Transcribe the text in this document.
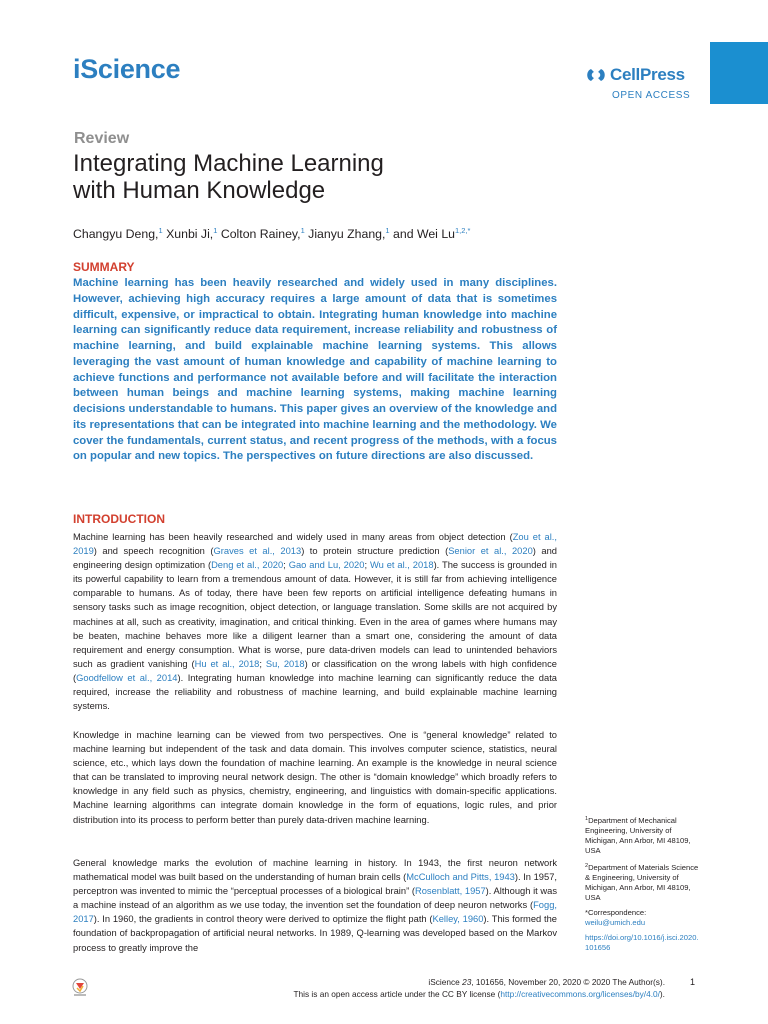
iScience	CellPress
OPEN ACCESS
Review
Integrating Machine Learning
with Human Knowledge
Changyu Deng,$^1$ Xunbi Ji,$^1$ Colton Rainey,$^1$ Jianyu Zhang,$^1$ and Wei $Lu^{1,2,*}$
SUMMARY

Machine learning has been heavily researched and widely used in many disciplines. However, achieving high accuracy requires a large amount of data that is sometimes difficult, expensive, or impractical to obtain. Integrating human knowledge into machine learning can significantly reduce data requirement, increase reliability and robustness of machine learning, and build explainable machine learning systems. This allows leveraging the vast amount of human knowledge and capability of machine learning to achieve functions and performance not available before and will facilitate the interaction between human beings and machine learning systems, making machine learning decisions understandable to humans. This paper gives an overview of the knowledge and its representations that can be integrated into machine learning and the methodology. We cover the fundamentals, current status, and recent progress of the methods, with a focus on popular and new topics. The perspectives on future directions are also discussed.

INTRODUCTION

Machine learning has been heavily researched and widely used in many areas from object detection (Zou et al., 2019) and speech recognition (Graves et al., 2013) to protein structure prediction (Senior et al., 2020) and engineering design optimization (Deng et al., 2020; Gao and Lu, 2020; Wu et al., 2018). The success is grounded in its powerful capability to learn from a tremendous amount of data. However, it is still far from achieving intelligence comparable to humans. As of today, there have been few reports on artificial intelligence defeating humans in sensory tasks such as image recognition, object detection, or language translation. Some skills are not acquired by machines at all, such as creativity, imagination, and critical thinking. Even in the area of games where humans may be beaten, machine behaves more like a diligent learner than a smart one, considering the amount of data requirement and energy consumption. What is worse, pure data-driven models can lead to unintended behaviors such as gradient vanishing (Hu et al., 2018; Su, 2018) or classification on the wrong labels with high confidence (Goodfellow et al., 2014). Integrating human knowledge into machine learning can significantly reduce the data required, increase the reliability and robustness of machine learning, and build explainable machine learning systems.

Knowledge in machine learning can be viewed from two perspectives. One is “general knowledge” related to machine learning but independent of the task and data domain. This involves computer science, statistics, neural science, etc., which lays down the foundation of machine learning. An example is the knowledge in neural science that can be translated to improving neural network design. The other is “domain knowledge” which broadly refers to knowledge in any field such as physics, chemistry, engineering, and linguistics with domain-specific applications. Machine learning algorithms can integrate domain knowledge in the form of equations, logic rules, and prior distribution into its process to perform better than purely data-driven machine learning.

General knowledge marks the evolution of machine learning in history. In 1943, the first neuron network mathematical model was built based on the understanding of human brain cells (McCulloch and Pitts, 1943). In 1957, perceptron was invented to mimic the “perceptual processes of a biological brain” (Rosenblatt, 1957). Although it was a machine instead of an algorithm as we use today, the invention set the foundation of deep neuron networks (Fogg, 2017). In 1960, the gradients in control theory were derived to optimize the flight path (Kelley, 1960). This formed the foundation of backpropagation of artificial neural networks. In 1989, Q-learning was developed based on the Markov process to greatly improve the

$^1$Department of Mechanical Engineering, University of Michigan, Ann Arbor, MI 48109, USA

$^2$Department of Materials Science & Engineering, University of Michigan, Ann Arbor, MI 48109, USA

*Correspondence:
weilu@umich.edu

https://doi.org/10.1016/j.isci.2020.101656

iScience 23, 101656, November 20, 2020 © 2020 The Author(s).	1
This is an open access article under the CC BY license (http://creativecommons.org/licenses/by/4.0/).
